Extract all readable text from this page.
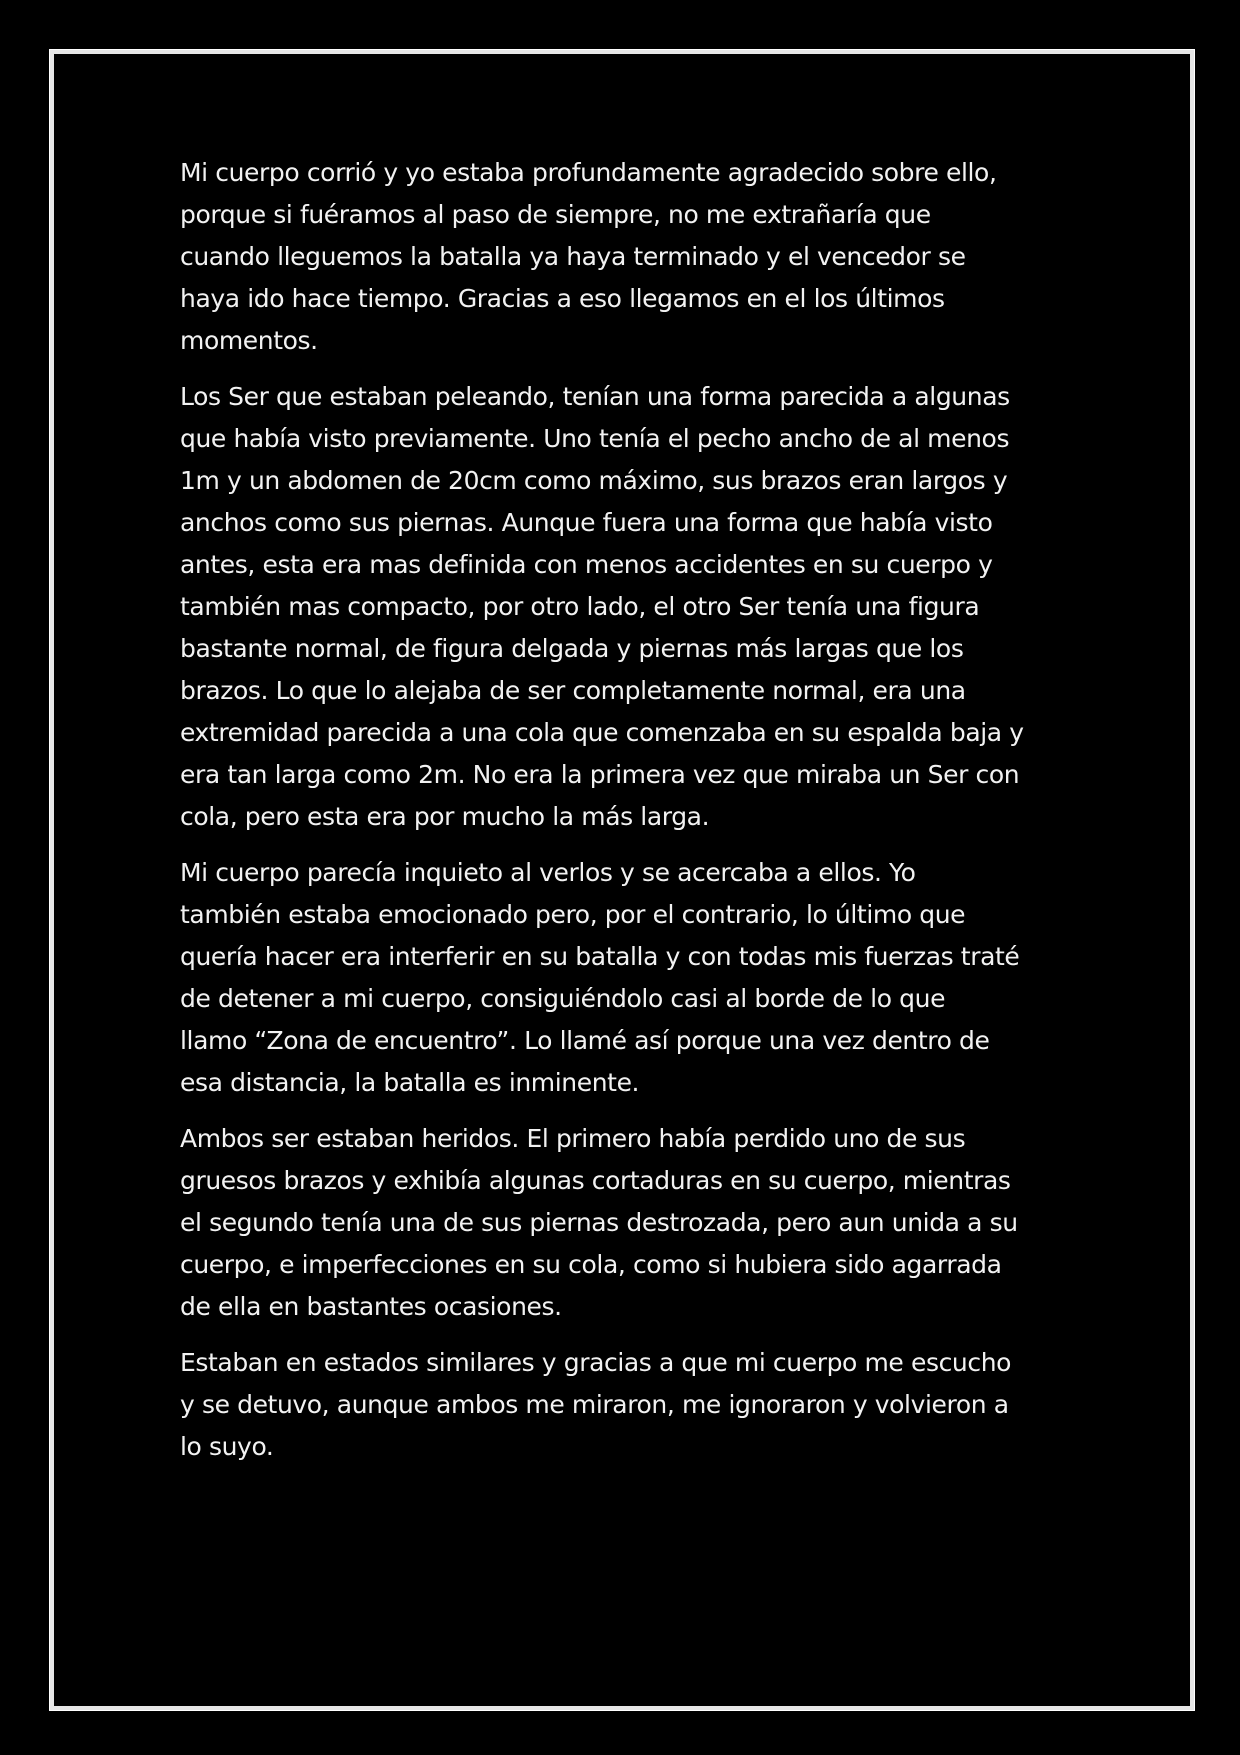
Mi cuerpo corrió y yo estaba profundamente agradecido sobre ello,
porque si fuéramos al paso de siempre, no me extrañaría que
cuando lleguemos la batalla ya haya terminado y el vencedor se
haya ido hace tiempo. Gracias a eso llegamos en el los últimos
momentos.

Los Ser que estaban peleando, tenían una forma parecida a algunas
que había visto previamente. Uno tenía el pecho ancho de al menos
1m y un abdomen de 20cm como máximo, sus brazos eran largos y
anchos como sus piernas. Aunque fuera una forma que había visto
antes, esta era mas definida con menos accidentes en su cuerpo y
también mas compacto, por otro lado, el otro Ser tenía una figura
bastante normal, de figura delgada y piernas más largas que los
brazos. Lo que lo alejaba de ser completamente normal, era una
extremidad parecida a una cola que comenzaba en su espalda baja y
era tan larga como 2m. No era la primera vez que miraba un Ser con
cola, pero esta era por mucho la más larga.

Mi cuerpo parecía inquieto al verlos y se acercaba a ellos. Yo
también estaba emocionado pero, por el contrario, lo último que
quería hacer era interferir en su batalla y con todas mis fuerzas traté
de detener a mi cuerpo, consiguiéndolo casi al borde de lo que
llamo “Zona de encuentro”. Lo llamé así porque una vez dentro de
esa distancia, la batalla es inminente.

Ambos ser estaban heridos. El primero había perdido uno de sus
gruesos brazos y exhibía algunas cortaduras en su cuerpo, mientras
el segundo tenía una de sus piernas destrozada, pero aun unida a su
cuerpo, e imperfecciones en su cola, como si hubiera sido agarrada
de ella en bastantes ocasiones.

Estaban en estados similares y gracias a que mi cuerpo me escucho
y se detuvo, aunque ambos me miraron, me ignoraron y volvieron a
lo suyo.
